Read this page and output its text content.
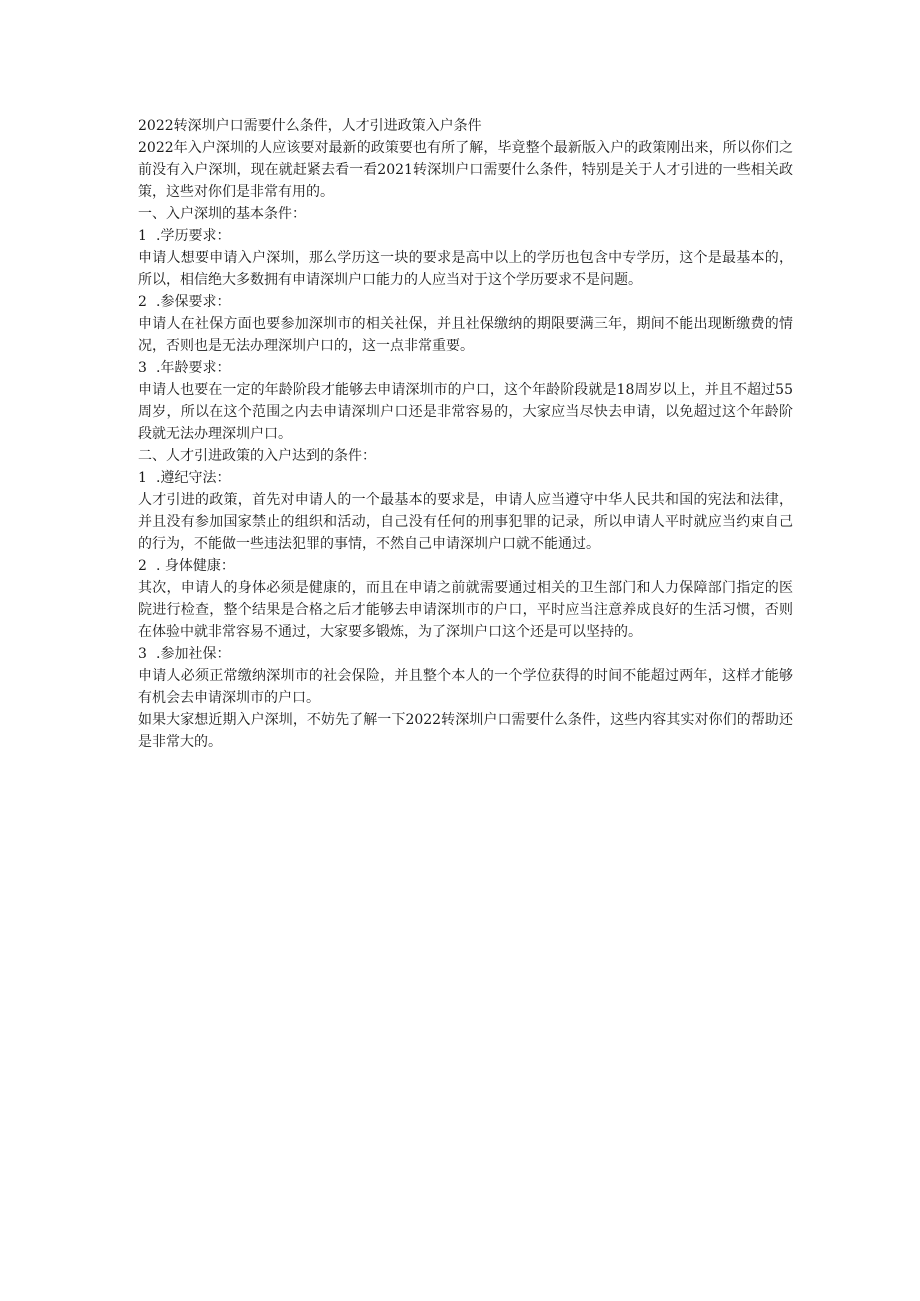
2022转深圳户口需要什么条件，人才引进政策入户条件

2022年入户深圳的人应该要对最新的政策要也有所了解，毕竟整个最新版入户的政策刚出来，所以你们之前没有入户深圳，现在就赶紧去看一看2021转深圳户口需要什么条件，特别是关于人才引进的一些相关政策，这些对你们是非常有用的。

一、入户深圳的基本条件：

1 .学历要求：

申请人想要申请入户深圳，那么学历这一块的要求是高中以上的学历也包含中专学历，这个是最基本的，所以，相信绝大多数拥有申请深圳户口能力的人应当对于这个学历要求不是问题。

2 .参保要求：

申请人在社保方面也要参加深圳市的相关社保，并且社保缴纳的期限要满三年，期间不能出现断缴费的情况，否则也是无法办理深圳户口的，这一点非常重要。

3 .年龄要求：

申请人也要在一定的年龄阶段才能够去申请深圳市的户口，这个年龄阶段就是18周岁以上，并且不超过55周岁，所以在这个范围之内去申请深圳户口还是非常容易的，大家应当尽快去申请，以免超过这个年龄阶段就无法办理深圳户口。

二、人才引进政策的入户达到的条件：

1 .遵纪守法：

人才引进的政策，首先对申请人的一个最基本的要求是，申请人应当遵守中华人民共和国的宪法和法律，并且没有参加国家禁止的组织和活动，自己没有任何的刑事犯罪的记录，所以申请人平时就应当约束自己的行为，不能做一些违法犯罪的事情，不然自己申请深圳户口就不能通过。

2 . 身体健康：

其次，申请人的身体必须是健康的，而且在申请之前就需要通过相关的卫生部门和人力保障部门指定的医院进行检查，整个结果是合格之后才能够去申请深圳市的户口，平时应当注意养成良好的生活习惯，否则在体验中就非常容易不通过，大家要多锻炼，为了深圳户口这个还是可以坚持的。

3 .参加社保：

申请人必须正常缴纳深圳市的社会保险，并且整个本人的一个学位获得的时间不能超过两年，这样才能够有机会去申请深圳市的户口。

如果大家想近期入户深圳，不妨先了解一下2022转深圳户口需要什么条件，这些内容其实对你们的帮助还是非常大的。
